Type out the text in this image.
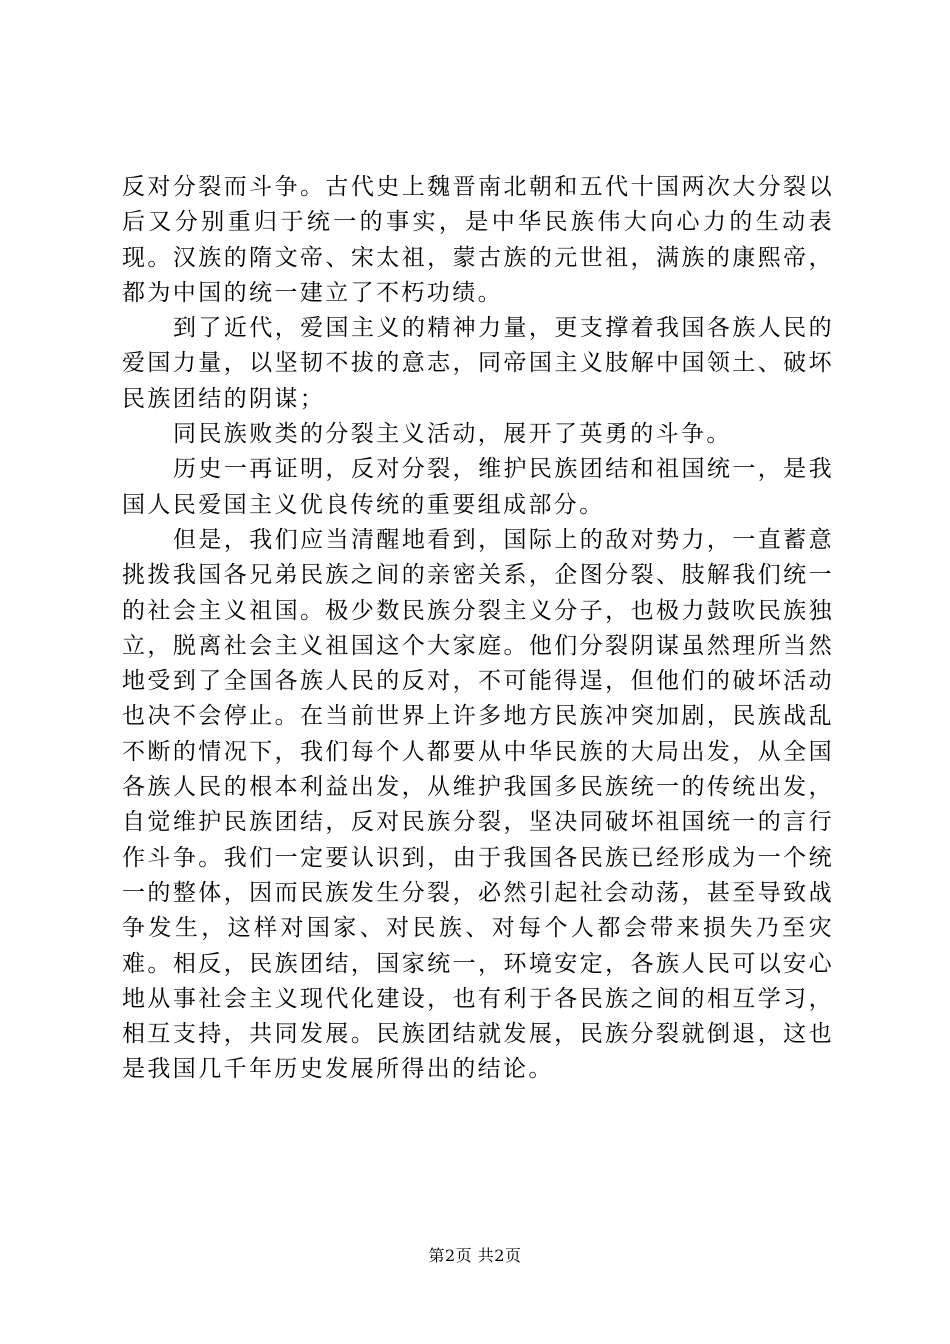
反对分裂而斗争。古代史上魏晋南北朝和五代十国两次大分裂以后又分别重归于统一的事实，是中华民族伟大向心力的生动表现。汉族的隋文帝、宋太祖，蒙古族的元世祖，满族的康熙帝，都为中国的统一建立了不朽功绩。

到了近代，爱国主义的精神力量，更支撑着我国各族人民的爱国力量，以坚韧不拔的意志，同帝国主义肢解中国领土、破坏民族团结的阴谋；

同民族败类的分裂主义活动，展开了英勇的斗争。

历史一再证明，反对分裂，维护民族团结和祖国统一，是我国人民爱国主义优良传统的重要组成部分。

但是，我们应当清醒地看到，国际上的敌对势力，一直蓄意挑拨我国各兄弟民族之间的亲密关系，企图分裂、肢解我们统一的社会主义祖国。极少数民族分裂主义分子，也极力鼓吹民族独立，脱离社会主义祖国这个大家庭。他们分裂阴谋虽然理所当然地受到了全国各族人民的反对，不可能得逞，但他们的破坏活动也决不会停止。在当前世界上许多地方民族冲突加剧，民族战乱不断的情况下，我们每个人都要从中华民族的大局出发，从全国各族人民的根本利益出发，从维护我国多民族统一的传统出发，自觉维护民族团结，反对民族分裂，坚决同破坏祖国统一的言行作斗争。我们一定要认识到，由于我国各民族已经形成为一个统一的整体，因而民族发生分裂，必然引起社会动荡，甚至导致战争发生，这样对国家、对民族、对每个人都会带来损失乃至灾难。相反，民族团结，国家统一，环境安定，各族人民可以安心地从事社会主义现代化建设，也有利于各民族之间的相互学习，相互支持，共同发展。民族团结就发展，民族分裂就倒退，这也是我国几千年历史发展所得出的结论。

第2页 共2页
